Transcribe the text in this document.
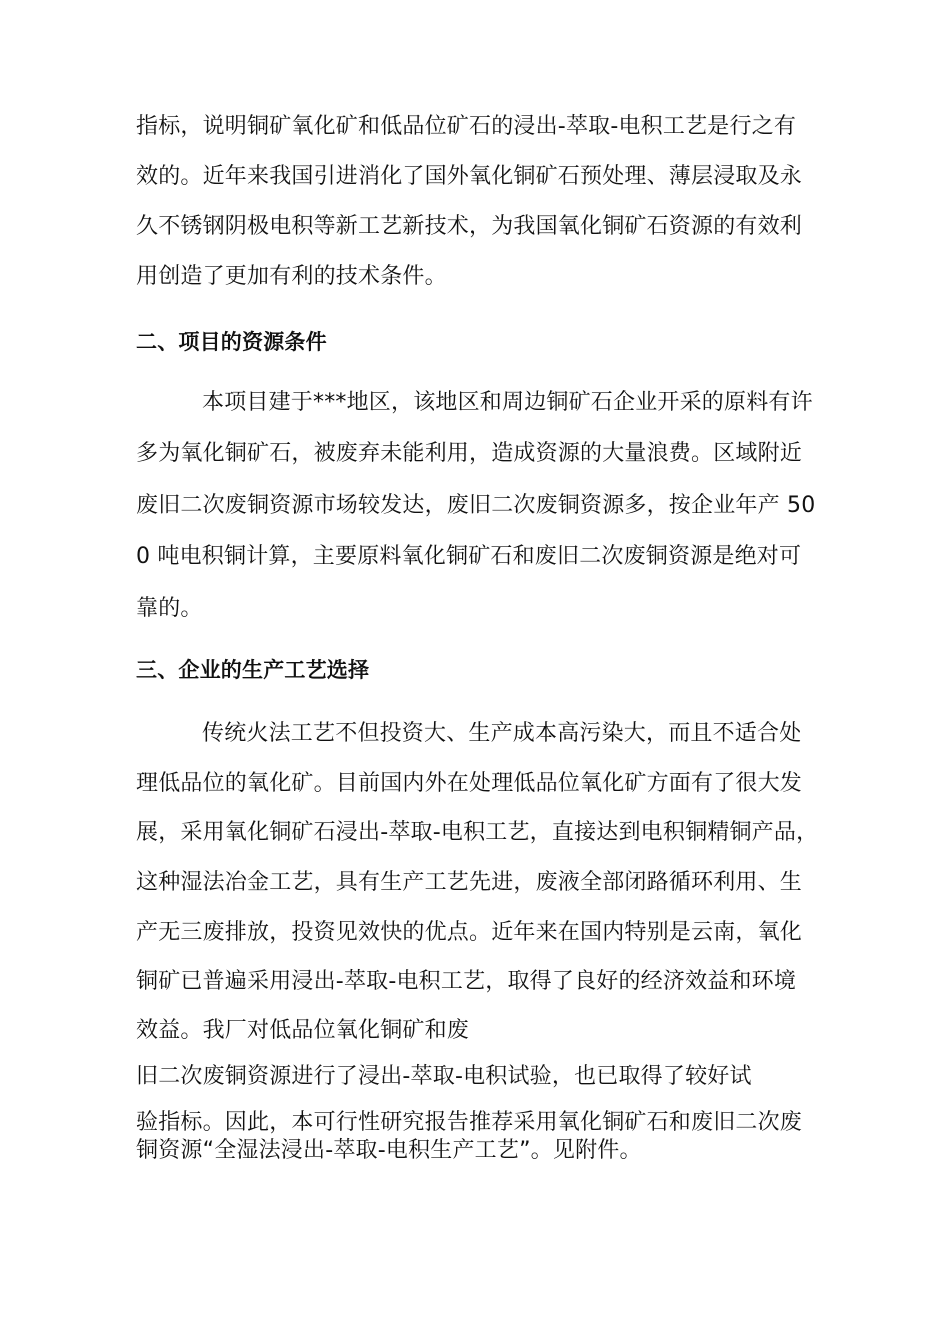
指标，说明铜矿氧化矿和低品位矿石的浸出-萃取-电积工艺是行之有
效的。近年来我国引进消化了国外氧化铜矿石预处理、薄层浸取及永
久不锈钢阴极电积等新工艺新技术，为我国氧化铜矿石资源的有效利
用创造了更加有利的技术条件。
二、项目的资源条件
本项目建于***地区，该地区和周边铜矿石企业开采的原料有许
多为氧化铜矿石，被废弃未能利用，造成资源的大量浪费。区域附近
废旧二次废铜资源市场较发达，废旧二次废铜资源多，按企业年产 50
0 吨电积铜计算，主要原料氧化铜矿石和废旧二次废铜资源是绝对可
靠的。
三、企业的生产工艺选择
传统火法工艺不但投资大、生产成本高污染大，而且不适合处
理低品位的氧化矿。目前国内外在处理低品位氧化矿方面有了很大发
展，采用氧化铜矿石浸出-萃取-电积工艺，直接达到电积铜精铜产品，
这种湿法冶金工艺，具有生产工艺先进，废液全部闭路循环利用、生
产无三废排放，投资见效快的优点。近年来在国内特别是云南，氧化
铜矿已普遍采用浸出-萃取-电积工艺，取得了良好的经济效益和环境
效益。我厂对低品位氧化铜矿和废
旧二次废铜资源进行了浸出-萃取-电积试验，也已取得了较好试
验指标。因此，本可行性研究报告推荐采用氧化铜矿石和废旧二次废
铜资源“全湿法浸出-萃取-电积生产工艺”。见附件。
